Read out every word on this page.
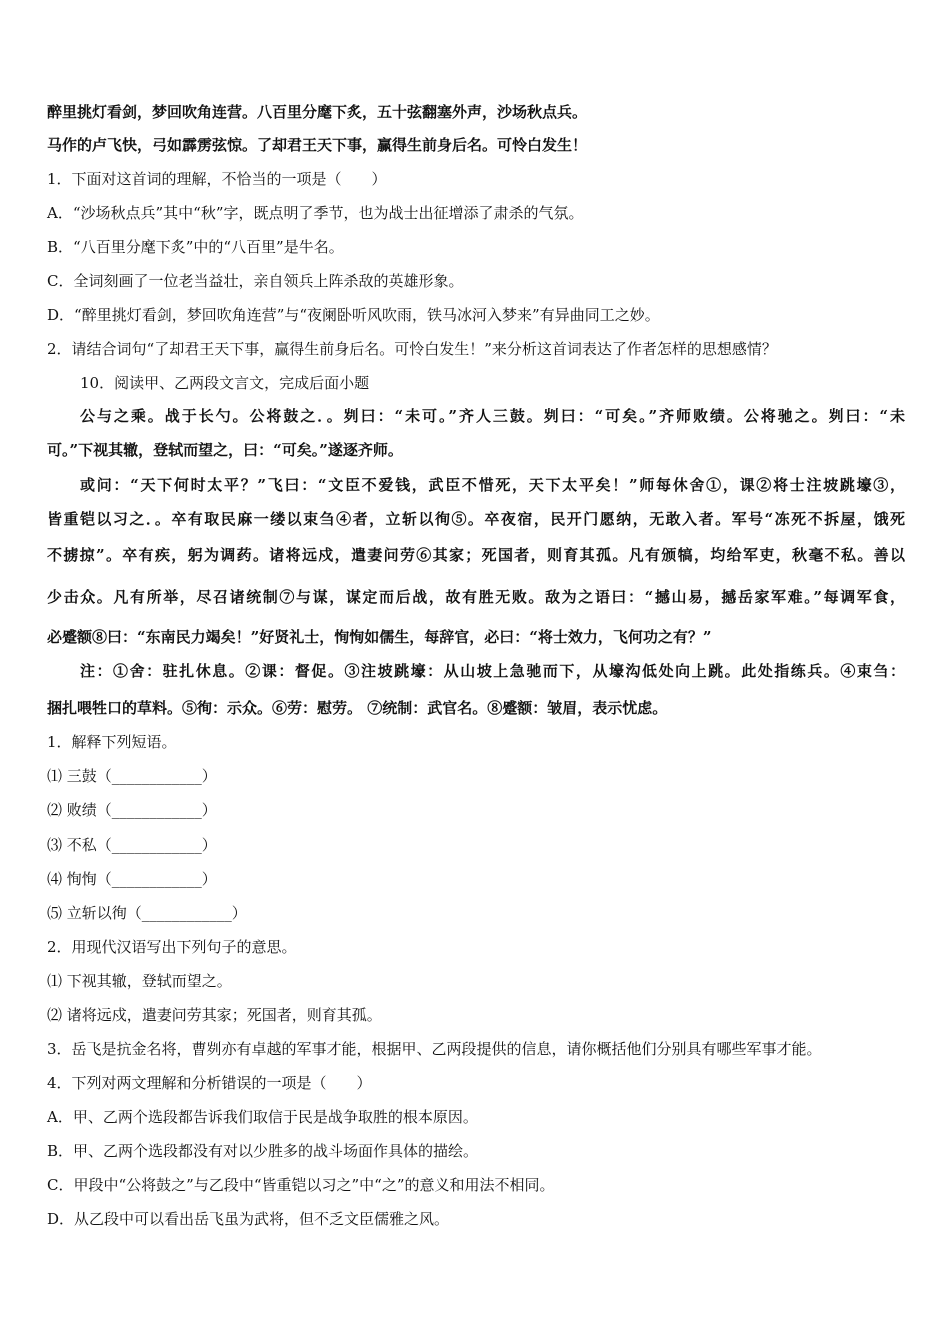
醉里挑灯看剑，梦回吹角连营。八百里分麾下炙，五十弦翻塞外声，沙场秋点兵。
马作的卢飞快，弓如霹雳弦惊。了却君王天下事，赢得生前身后名。可怜白发生！
1．下面对这首词的理解，不恰当的一项是（　　）
A．“沙场秋点兵”其中“秋”字，既点明了季节，也为战士出征增添了肃杀的气氛。
B．“八百里分麾下炙”中的“八百里”是牛名。
C．全词刻画了一位老当益壮，亲自领兵上阵杀敌的英雄形象。
D．“醉里挑灯看剑，梦回吹角连营”与“夜阑卧听风吹雨，铁马冰河入梦来”有异曲同工之妙。
2．请结合词句“了却君王天下事，赢得生前身后名。可怜白发生！”来分析这首词表达了作者怎样的思想感情？
10．阅读甲、乙两段文言文，完成后面小题
公与之乘。战于长勺。公将鼓之．。刿曰：“未可。”齐人三鼓。刿曰：“可矣。”齐师败绩。公将驰之。刿曰：“未
可。”下视其辙，登轼而望之，曰：“可矣。”遂逐齐师。
或问：“天下何时太平？”飞曰：“文臣不爱钱，武臣不惜死，天下太平矣！”师每休舍①，课②将士注坡跳壕③，
皆重铠以习之．。卒有取民麻一缕以束刍④者，立斩以徇⑤。卒夜宿，民开门愿纳，无敢入者。军号“冻死不拆屋，饿死
不掳掠”。卒有疾，躬为调药。诸将远戍，遣妻问劳⑥其家；死国者，则育其孤。凡有颁犒，均给军吏，秋毫不私。善以
少击众。凡有所举，尽召诸统制⑦与谋，谋定而后战，故有胜无败。敌为之语曰：“撼山易，撼岳家军难。”每调军食，
必蹙额⑧曰：“东南民力竭矣！”好贤礼士，恂恂如儒生，每辞官，必曰：“将士效力，飞何功之有？”
注：①舍：驻扎休息。②课：督促。③注坡跳壕：从山坡上急驰而下，从壕沟低处向上跳。此处指练兵。④束刍：
捆扎喂牲口的草料。⑤徇：示众。⑥劳：慰劳。 ⑦统制：武官名。⑧蹙额：皱眉，表示忧虑。
1．解释下列短语。
⑴ 三鼓（____________）
⑵ 败绩（____________）
⑶ 不私（____________）
⑷ 恂恂（____________）
⑸ 立斩以徇（____________）
2．用现代汉语写出下列句子的意思。
⑴ 下视其辙，登轼而望之。
⑵ 诸将远戍，遣妻问劳其家；死国者，则育其孤。
3．岳飞是抗金名将，曹刿亦有卓越的军事才能，根据甲、乙两段提供的信息，请你概括他们分别具有哪些军事才能。
4．下列对两文理解和分析错误的一项是（　　）
A．甲、乙两个选段都告诉我们取信于民是战争取胜的根本原因。
B．甲、乙两个选段都没有对以少胜多的战斗场面作具体的描绘。
C．甲段中“公将鼓之”与乙段中“皆重铠以习之”中“之”的意义和用法不相同。
D．从乙段中可以看出岳飞虽为武将，但不乏文臣儒雅之风。
